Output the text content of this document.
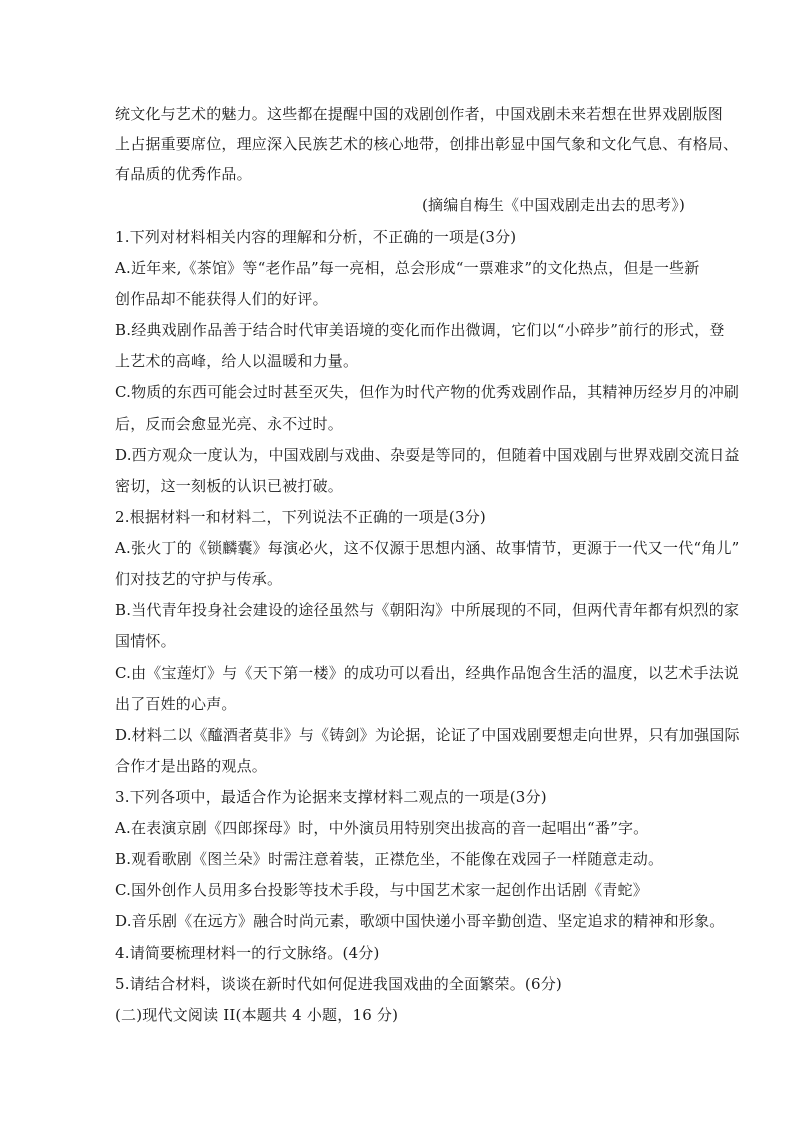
统文化与艺术的魅力。这些都在提醒中国的戏剧创作者，中国戏剧未来若想在世界戏剧版图
上占据重要席位，理应深入民族艺术的核心地带，创排出彰显中国气象和文化气息、有格局、
有品质的优秀作品。
(摘编自梅生《中国戏剧走出去的思考》)
1.下列对材料相关内容的理解和分析，不正确的一项是(3分)
A.近年来,《茶馆》等“老作品”每一亮相，总会形成“一票难求”的文化热点，但是一些新
创作品却不能获得人们的好评。
B.经典戏剧作品善于结合时代审美语境的变化而作出微调，它们以“小碎步”前行的形式，登
上艺术的高峰，给人以温暖和力量。
C.物质的东西可能会过时甚至灭失，但作为时代产物的优秀戏剧作品，其精神历经岁月的冲刷
后，反而会愈显光亮、永不过时。
D.西方观众一度认为，中国戏剧与戏曲、杂耍是等同的，但随着中国戏剧与世界戏剧交流日益
密切，这一刻板的认识已被打破。
2.根据材料一和材料二，下列说法不正确的一项是(3分)
A.张火丁的《锁麟囊》每演必火，这不仅源于思想内涵、故事情节，更源于一代又一代“角儿”
们对技艺的守护与传承。
B.当代青年投身社会建设的途径虽然与《朝阳沟》中所展现的不同，但两代青年都有炽烈的家
国情怀。
C.由《宝莲灯》与《天下第一楼》的成功可以看出，经典作品饱含生活的温度，以艺术手法说
出了百姓的心声。
D.材料二以《醯酒者莫非》与《铸剑》为论据，论证了中国戏剧要想走向世界，只有加强国际
合作才是出路的观点。
3.下列各项中，最适合作为论据来支撑材料二观点的一项是(3分)
A.在表演京剧《四郎探母》时，中外演员用特别突出拔高的音一起唱出“番”字。
B.观看歌剧《图兰朵》时需注意着装，正襟危坐，不能像在戏园子一样随意走动。
C.国外创作人员用多台投影等技术手段，与中国艺术家一起创作出话剧《青蛇》
D.音乐剧《在远方》融合时尚元素，歌颂中国快递小哥辛勤创造、坚定追求的精神和形象。
4.请简要梳理材料一的行文脉络。(4分)
5.请结合材料，谈谈在新时代如何促进我国戏曲的全面繁荣。(6分)
(二)现代文阅读 II(本题共 4 小题，16 分)
